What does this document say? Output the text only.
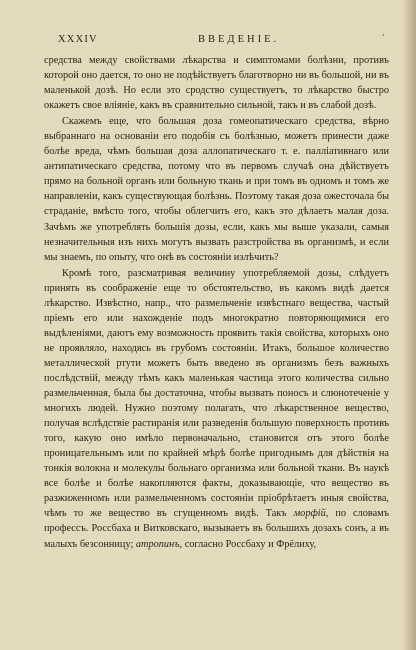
XXXIV	ВВЕДЕНІЕ.	ʻ

средства между свойствами лѣкарства и симптомами болѣзни, противъ которой оно дается, то оно не подѣйствуетъ благотворно ни въ большой, ни въ маленькой дозѣ. Но если это сродство существуетъ, то лѣкарство быстро окажетъ свое вліяніе, какъ въ сравнительно сильной, такъ и въ слабой дозѣ.

Скажемъ еще, что большая доза гомеопатическаго средства, вѣрно выбраннаго на основаніи его подобія съ болѣзнью, можетъ принести даже болѣе вреда, чѣмъ большая доза аллопатическаго т. е. палліативнаго или антипатическаго средства, потому что въ первомъ случаѣ она дѣйствуетъ прямо на больной органъ или больную ткань и при томъ въ одномъ и томъ же направленіи, какъ существующая болѣзнь. Поэтому такая доза ожесточала бы страданіе, вмѣсто того, чтобы облегчить его, какъ это дѣлаетъ малая доза. Зачѣмъ же употреблять большія дозы, если, какъ мы выше указали, самыя незначительныя изъ нихъ могутъ вызвать разстройства въ организмѣ, и если мы знаемъ, по опыту, что онѣ въ состояніи излѣчить?

Кромѣ того, разсматривая величину употребляемой дозы, слѣдуетъ принять въ соображеніе еще то обстоятельство, въ какомъ видѣ дается лѣкарство. Извѣстно, напр., что размельченіе извѣстнаго вещества, частый пріемъ его или нахожденіе подъ многократно повторяющимися его выдѣленіями, даютъ ему возможность проявить такія свойства, которыхъ оно не проявляло, находясь въ грубомъ состояніи. Итакъ, большое количество металлической ртути можетъ быть введено въ организмъ безъ важныхъ послѣдствій, между тѣмъ какъ маленькая частица этого количества сильно размельченная, была бы достаточна, чтобы вызвать поносъ и слюнотеченіе у многихъ людей. Нужно поэтому полагать, что лѣкарственное вещество, получая вслѣдствіе растиранія или разведенія большую поверхность противъ того, какую оно имѣло первоначально, становится отъ этого болѣе проницательнымъ или по крайней мѣрѣ болѣе пригоднымъ для дѣйствія на тонкія волокна и молекулы больнаго организма или больной ткани. Въ наукѣ все болѣе и болѣе накопляются факты, доказывающіе, что вещество въ разжиженномъ или размельченномъ состояніи пріобрѣтаетъ иныя свойства, чѣмъ то же вещество въ сгущенномъ видѣ. Такъ морфій, по словамъ профессъ. Россбаха и Витковскаго, вызываетъ въ большихъ дозахъ сонъ, а въ малыхъ безсонницу; атропинъ, согласно Россбаху и Фрёлиху,
